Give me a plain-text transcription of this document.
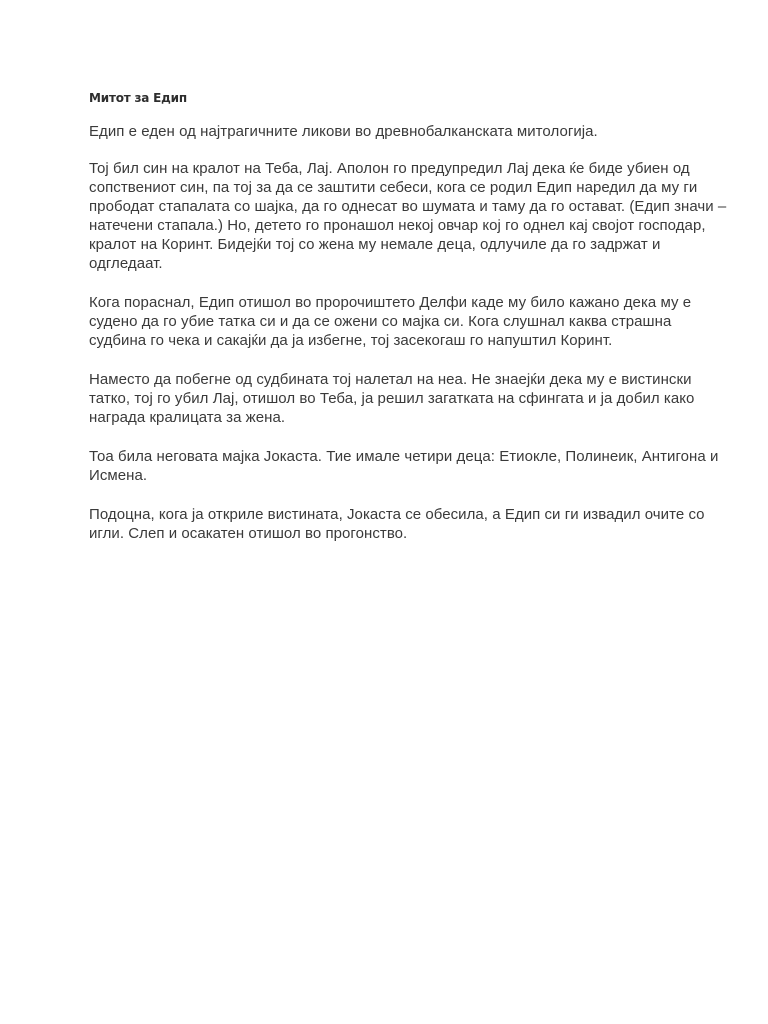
Митот за Едип

Едип е еден од најтрагичните ликови во древнобалканската митологија.

Тој бил син на кралот на Теба, Лај. Аполон го предупредил Лај дека ќе биде убиен од сопствениот син, па тој за да се заштити себеси, кога се родил Едип наредил да му ги прободат стапалата со шајка, да го однесат во шумата и таму да го остават. (Едип значи – натечени стапала.) Но, детето го пронашол некој овчар кој го однел кај својот господар, кралот на Коринт. Бидејќи тој со жена му немале деца, одлучиле да го задржат и одгледаат.

Кога пораснал, Едип отишол во пророчиштето Делфи каде му било кажано дека му е судено да го убие татка си и да се ожени со мајка си. Кога слушнал каква страшна судбина го чека и сакајќи да ја избегне, тој засекогаш го напуштил Коринт.

Наместо да побегне од судбината тој налетал на неа. Не знаејќи дека му е вистински татко, тој го убил Лај, отишол во Теба, ја решил загатката на сфингата и ја добил како награда кралицата за жена.

Тоа била неговата мајка Јокаста. Тие имале четири деца: Етиокле, Полинеик, Антигона и Исмена.

Подоцна, кога ја откриле вистината, Јокаста се обесила, а Едип си ги извадил очите со игли. Слеп и осакатен отишол во прогонство.
